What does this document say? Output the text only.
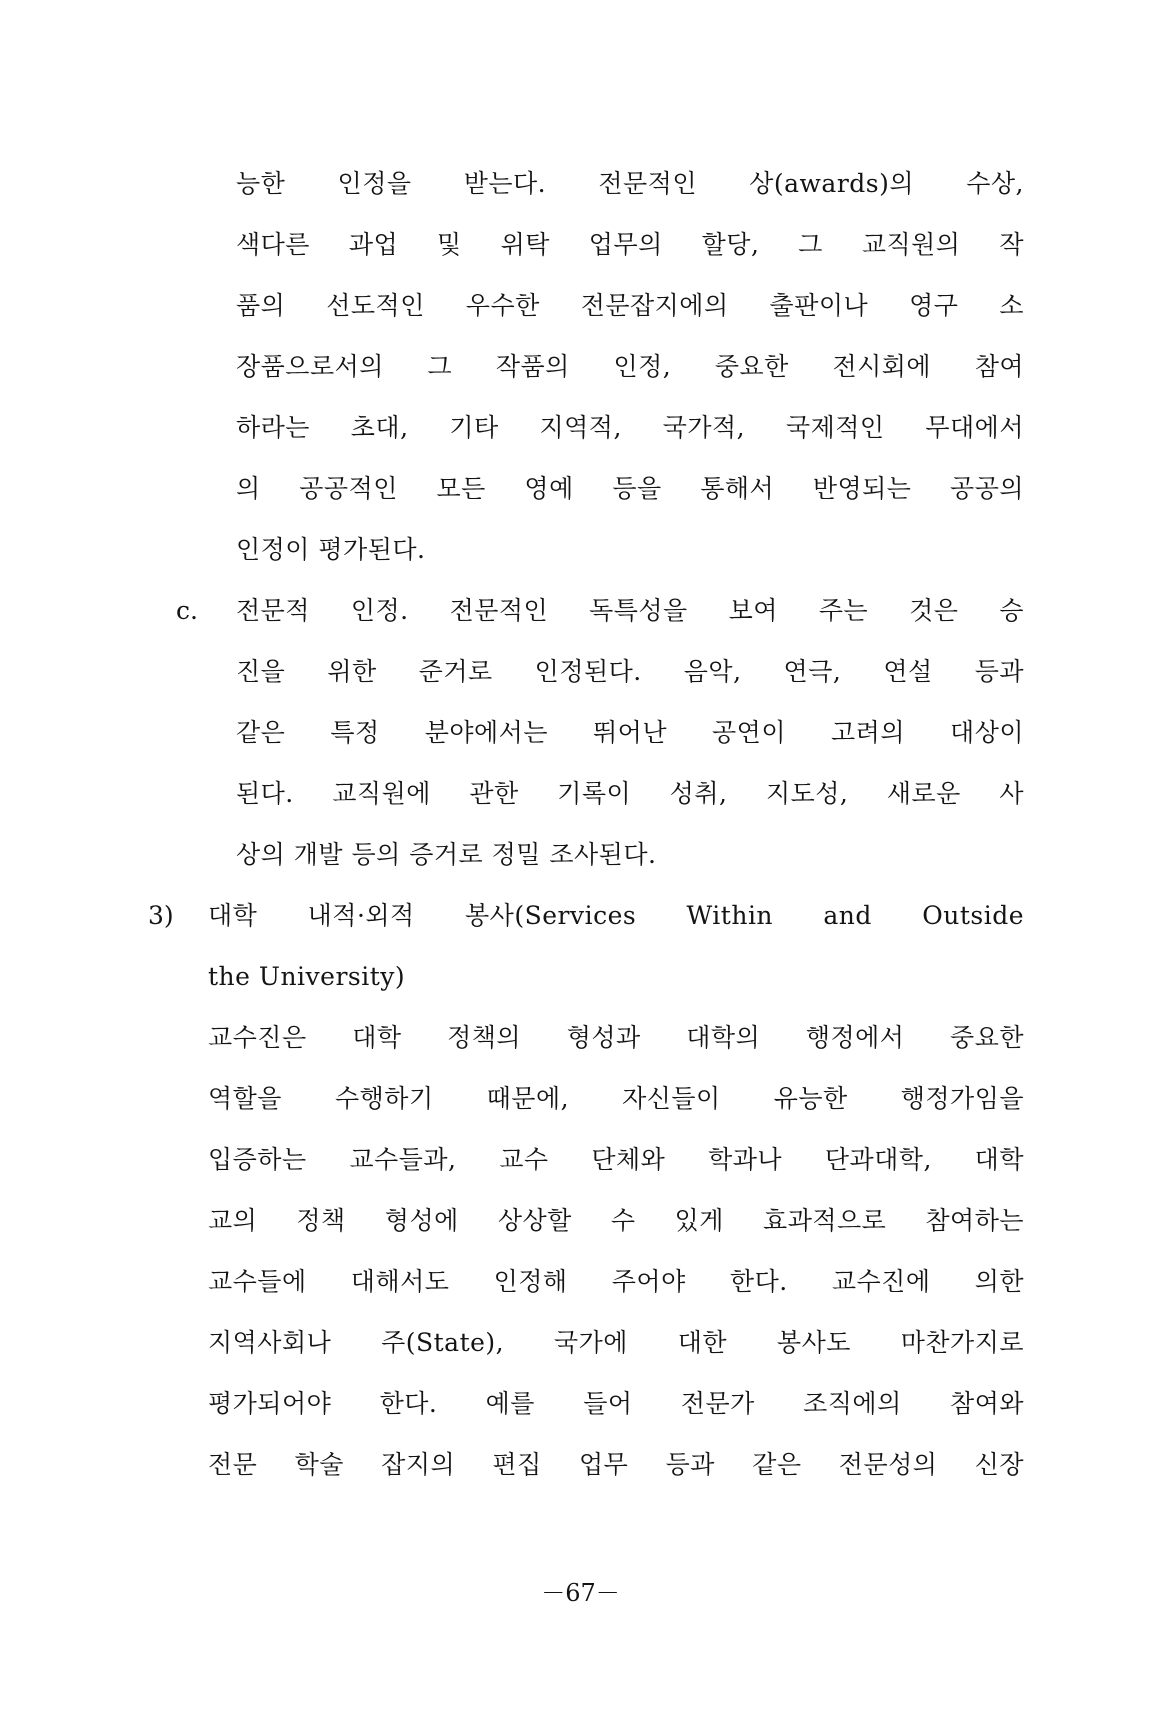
능한 인정을 받는다. 전문적인 상(awards)의 수상,
색다른 과업 및 위탁 업무의 할당, 그 교직원의 작
품의 선도적인 우수한 전문잡지에의 출판이나 영구 소
장품으로서의 그 작품의 인정, 중요한 전시회에 참여
하라는 초대, 기타 지역적, 국가적, 국제적인 무대에서
의 공공적인 모든 영예 등을 통해서 반영되는 공공의
인정이 평가된다.
c. 전문적 인정. 전문적인 독특성을 보여 주는 것은 승
진을 위한 준거로 인정된다. 음악, 연극, 연설 등과
같은 특정 분야에서는 뛰어난 공연이 고려의 대상이
된다. 교직원에 관한 기록이 성취, 지도성, 새로운 사
상의 개발 등의 증거로 정밀 조사된다.
3) 대학 내적·외적 봉사(Services Within and Outside
the University)
교수진은 대학 정책의 형성과 대학의 행정에서 중요한
역할을 수행하기 때문에, 자신들이 유능한 행정가임을
입증하는 교수들과, 교수 단체와 학과나 단과대학, 대학
교의 정책 형성에 상상할 수 있게 효과적으로 참여하는
교수들에 대해서도 인정해 주어야 한다. 교수진에 의한
지역사회나 주(State), 국가에 대한 봉사도 마찬가지로
평가되어야 한다. 예를 들어 전문가 조직에의 참여와
전문 학술 잡지의 편집 업무 등과 같은 전문성의 신장
－67－
